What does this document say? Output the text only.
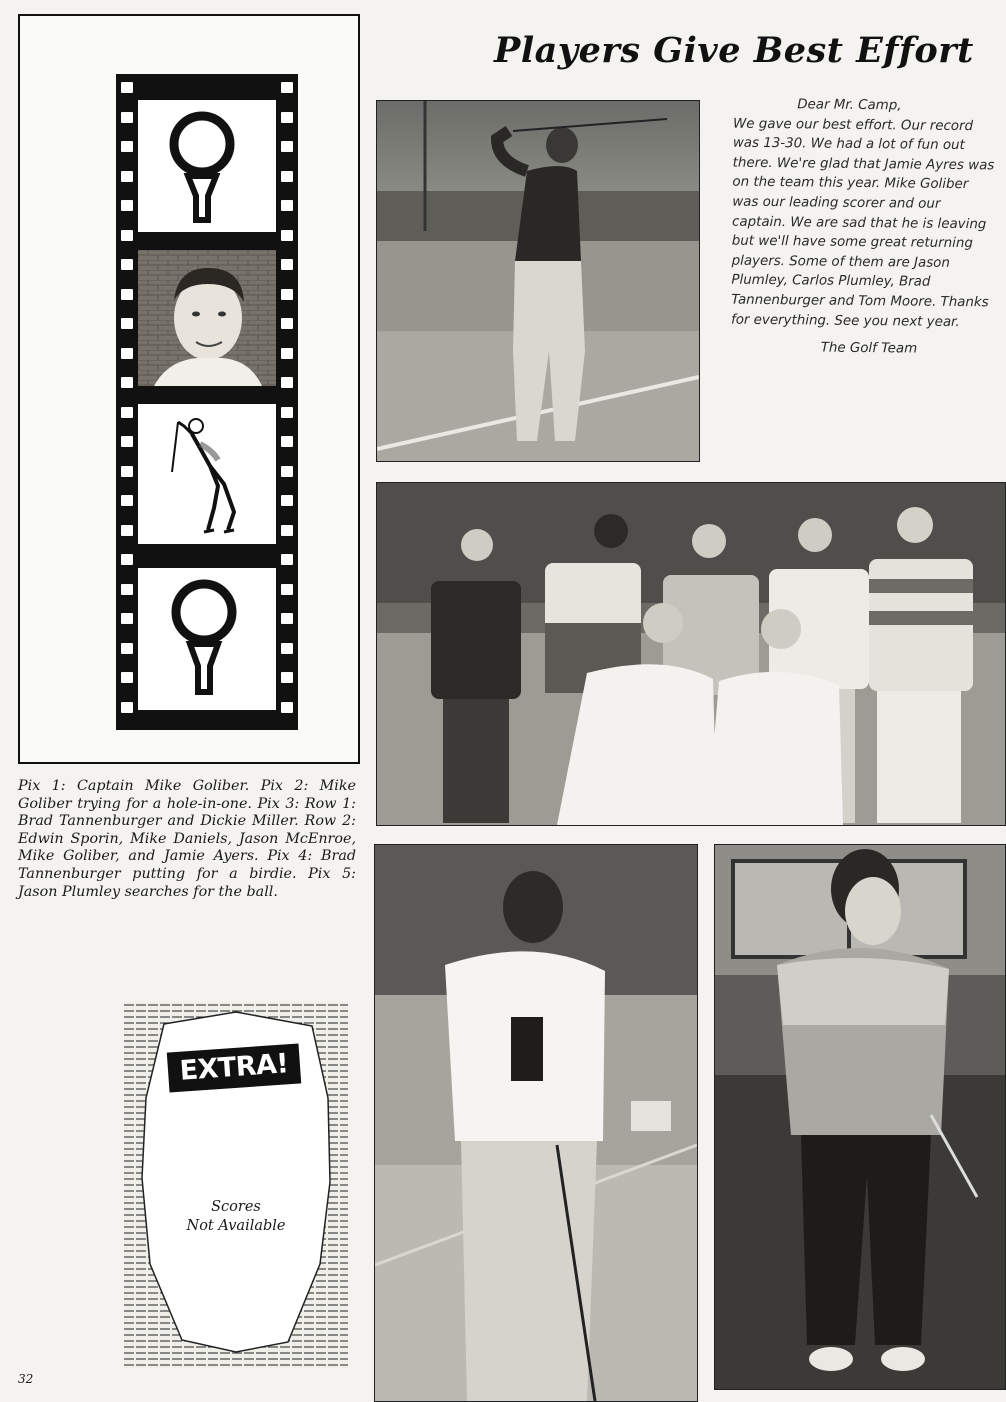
Players Give Best Effort

Pix 1: Captain Mike Goliber. Pix 2: Mike Goliber trying for a hole-in-one. Pix 3: Row 1: Brad Tannenburger and Dickie Miller. Row 2: Edwin Sporin, Mike Daniels, Jason McEnroe, Mike Goliber, and Jamie Ayers. Pix 4: Brad Tannenburger putting for a birdie. Pix 5: Jason Plumley searches for the ball.

Dear Mr. Camp,
We gave our best effort. Our record was 13-30. We had a lot of fun out there. We're glad that Jamie Ayres was on the team this year. Mike Goliber was our leading scorer and our captain. We are sad that he is leaving but we'll have some great returning players. Some of them are Jason Plumley, Carlos Plumley, Brad Tannenburger and Tom Moore. Thanks for everything. See you next year.
The Golf Team
EXTRA!
Scores
Not Available
32
